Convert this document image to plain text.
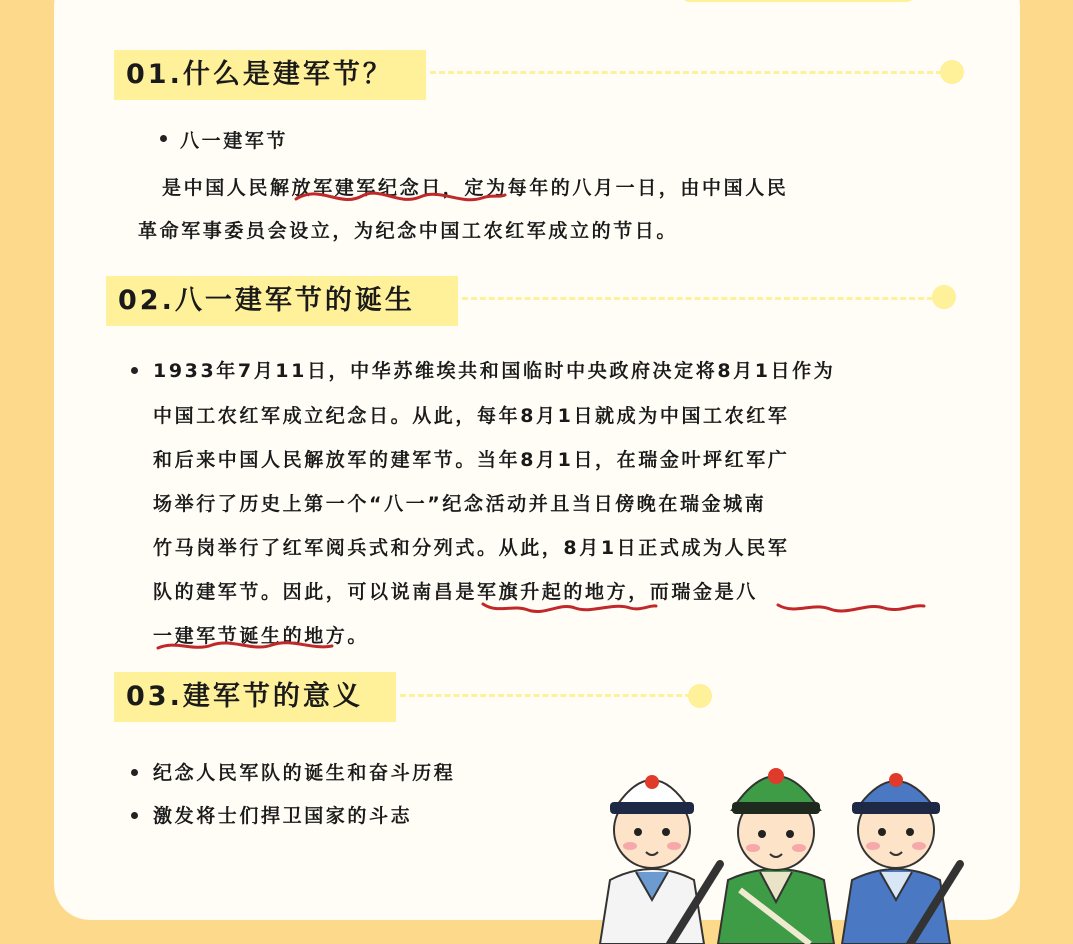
01.什么是建军节？
八一建军节
是中国人民解放军建军纪念日，定为每年的八月一日，由中国人民
革命军事委员会设立，为纪念中国工农红军成立的节日。
02.八一建军节的诞生
1933年7月11日，中华苏维埃共和国临时中央政府决定将8月1日作为
中国工农红军成立纪念日。从此，每年8月1日就成为中国工农红军
和后来中国人民解放军的建军节。当年8月1日，在瑞金叶坪红军广
场举行了历史上第一个“八一”纪念活动并且当日傍晚在瑞金城南
竹马岗举行了红军阅兵式和分列式。从此，8月1日正式成为人民军
队的建军节。因此，可以说南昌是军旗升起的地方，而瑞金是八
一建军节诞生的地方。
03.建军节的意义
纪念人民军队的诞生和奋斗历程
激发将士们捍卫国家的斗志
